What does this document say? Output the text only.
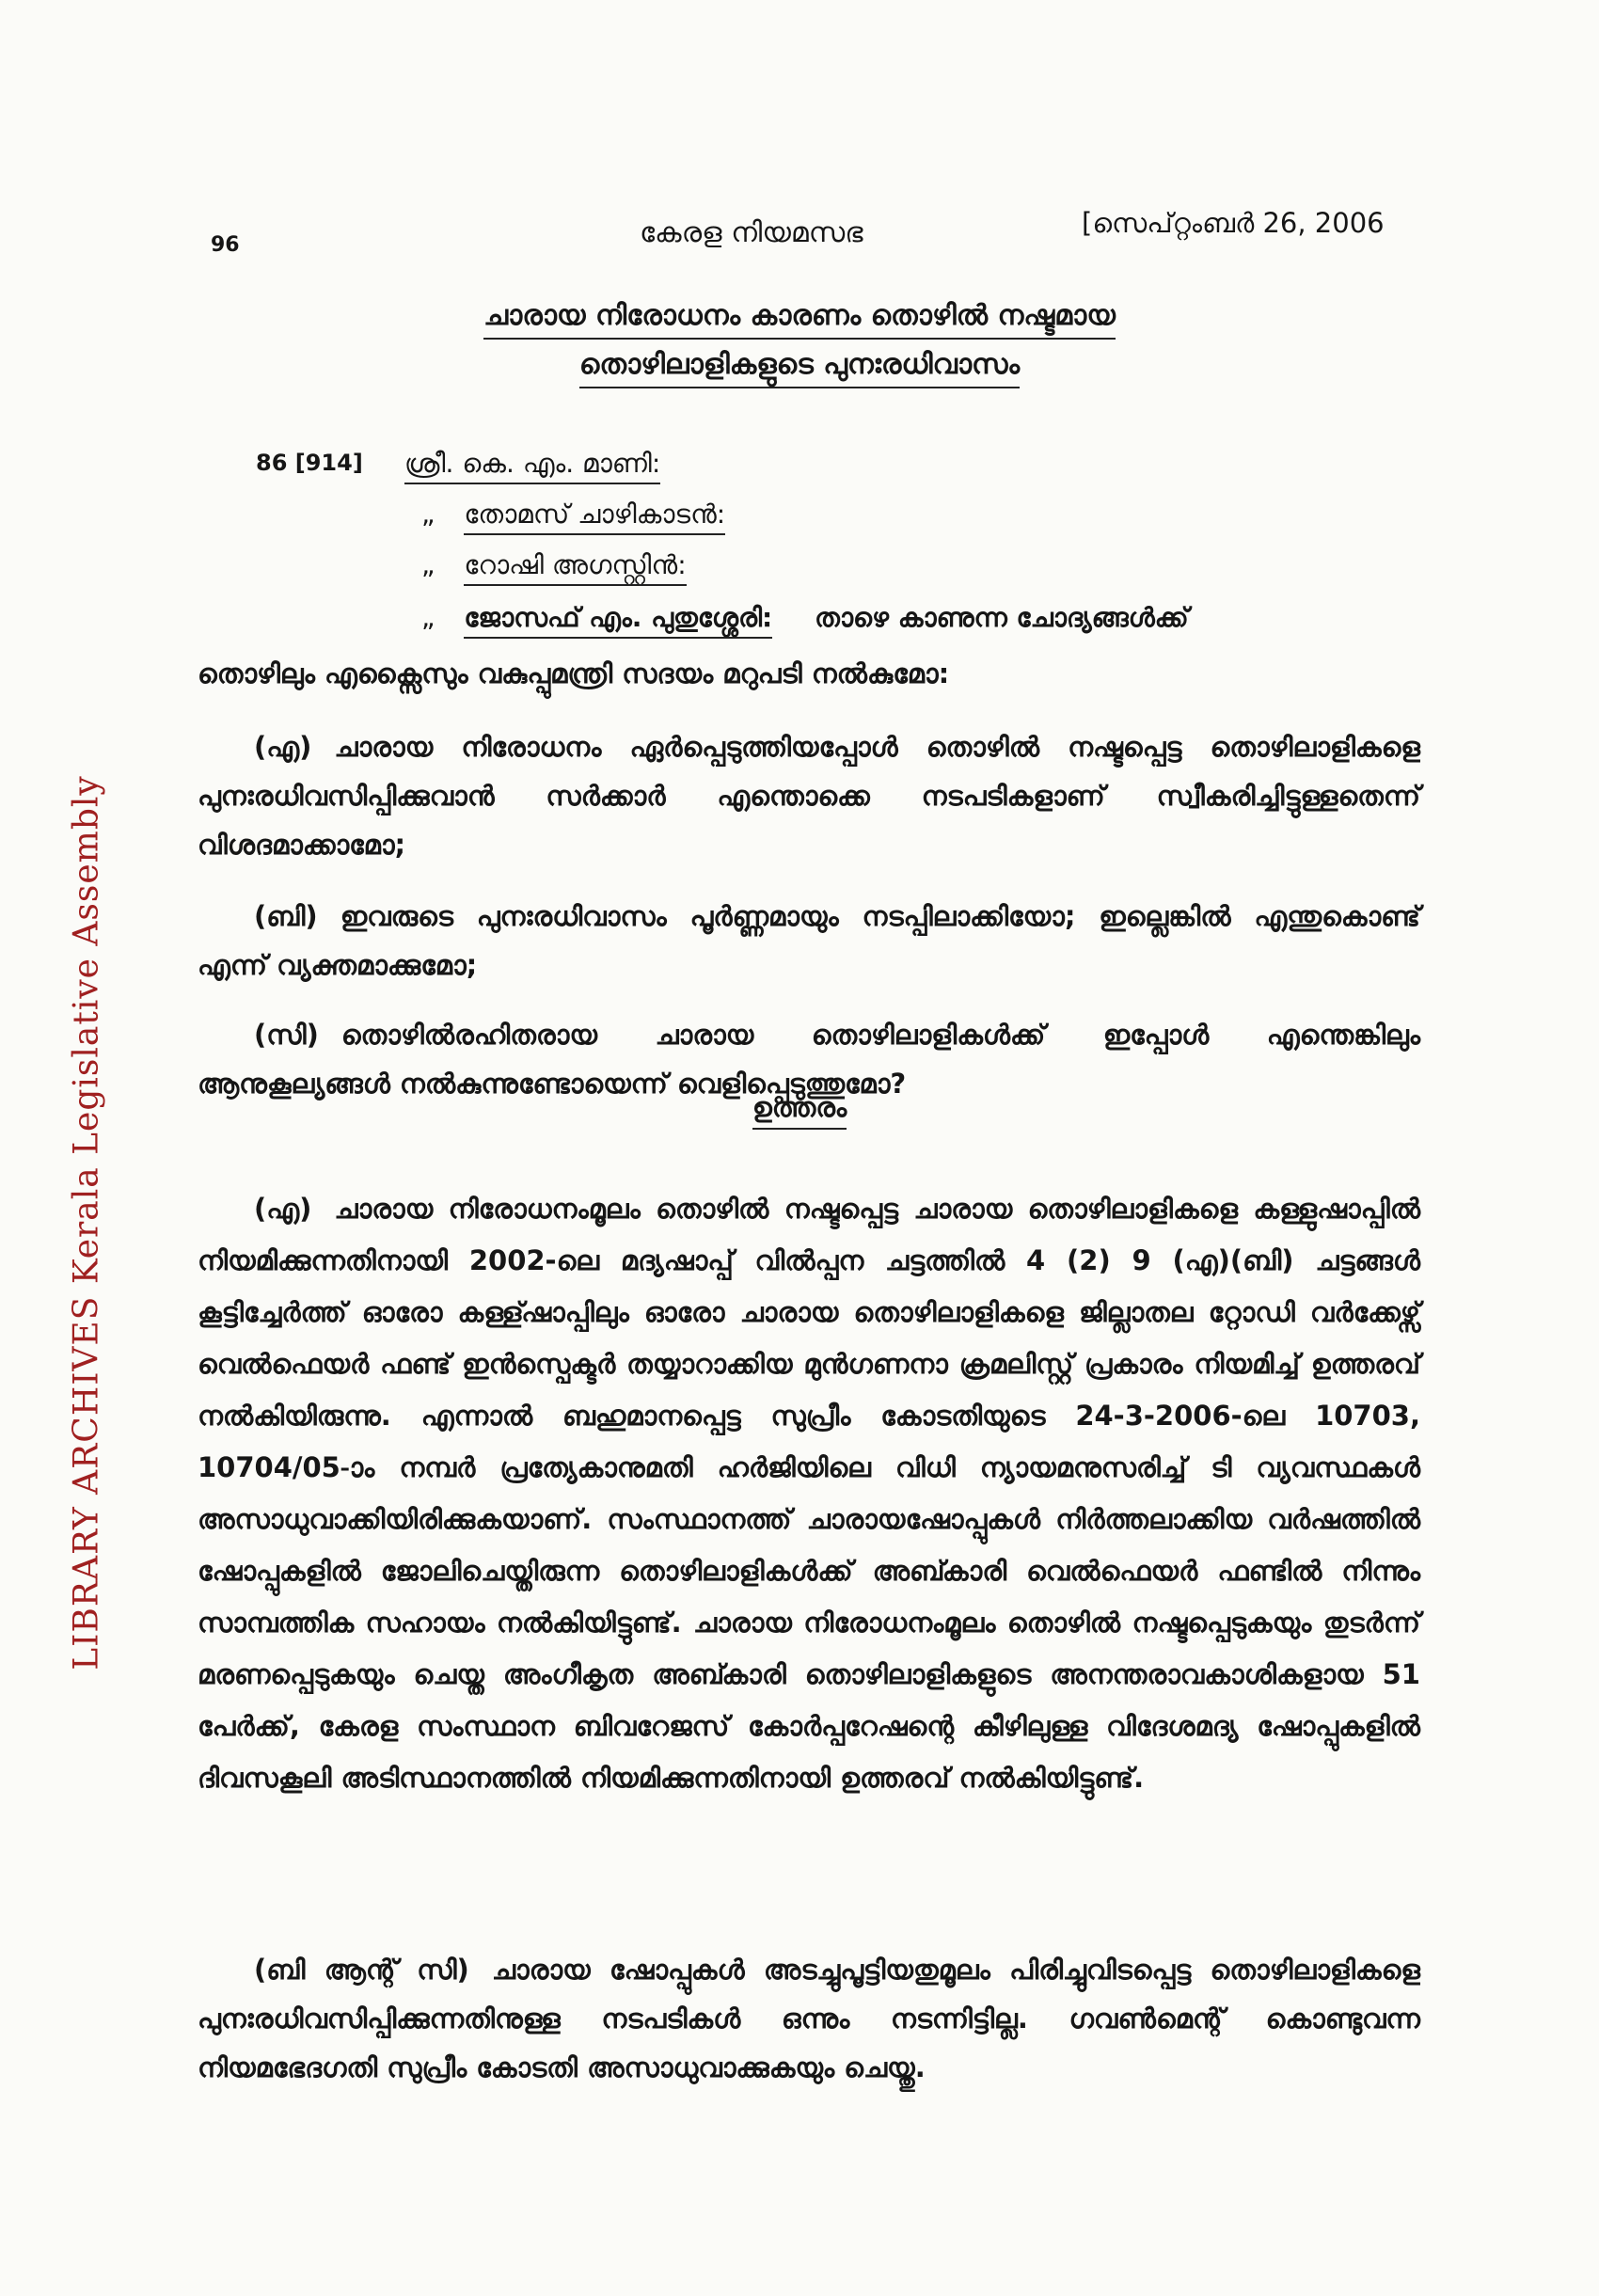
LIBRARY ARCHIVES Kerala Legislative Assembly
96	കേരള നിയമസഭ	[സെപ്റ്റംബർ 26, 2006
ചാരായ നിരോധനം കാരണം തൊഴിൽ നഷ്ടമായ
തൊഴിലാളികളുടെ പുനഃരധിവാസം
86 [914] ശ്രീ. കെ. എം. മാണി:
„ തോമസ് ചാഴികാടൻ:
„ റോഷി അഗസ്റ്റിൻ:
„ ജോസഫ് എം. പുതുശ്ശേരി: താഴെ കാണുന്ന ചോദ്യങ്ങൾക്ക്
തൊഴിലും എക്സൈസും വകുപ്പുമന്ത്രി സദയം മറുപടി നൽകുമോ:
(എ) ചാരായ നിരോധനം ഏർപ്പെടുത്തിയപ്പോൾ തൊഴിൽ നഷ്ടപ്പെട്ട തൊഴിലാളികളെ പുനഃരധിവസിപ്പിക്കുവാൻ സർക്കാർ എന്തൊക്കെ നടപടികളാണ് സ്വീകരിച്ചിട്ടുള്ളതെന്ന് വിശദമാക്കാമോ;
(ബി) ഇവരുടെ പുനഃരധിവാസം പൂർണ്ണമായും നടപ്പിലാക്കിയോ; ഇല്ലെങ്കിൽ എന്തുകൊണ്ട് എന്ന് വ്യക്തമാക്കുമോ;
(സി) തൊഴിൽരഹിതരായ ചാരായ തൊഴിലാളികൾക്ക് ഇപ്പോൾ എന്തെങ്കിലും ആനുകൂല്യങ്ങൾ നൽകുന്നുണ്ടോയെന്ന് വെളിപ്പെടുത്തുമോ?
ഉത്തരം
(എ) ചാരായ നിരോധനംമൂലം തൊഴിൽ നഷ്ടപ്പെട്ട ചാരായ തൊഴിലാളികളെ കള്ളുഷാപ്പിൽ നിയമിക്കുന്നതിനായി 2002-ലെ മദ്യഷാപ്പ് വിൽപ്പന ചട്ടത്തിൽ 4 (2) 9 (എ)(ബി) ചട്ടങ്ങൾ കൂട്ടിച്ചേർത്ത് ഓരോ കള്ള്ഷാപ്പിലും ഓരോ ചാരായ തൊഴിലാളികളെ ജില്ലാതല റ്റോഡി വർക്കേഴ്സ് വെൽഫെയർ ഫണ്ട് ഇൻസ്പെക്ടർ തയ്യാറാക്കിയ മുൻഗണനാ ക്രമലിസ്റ്റ് പ്രകാരം നിയമിച്ച് ഉത്തരവ് നൽകിയിരുന്നു. എന്നാൽ ബഹുമാനപ്പെട്ട സുപ്രീം കോടതിയുടെ 24-3-2006-ലെ 10703, 10704/05-ാം നമ്പർ പ്രത്യേകാനുമതി ഹർജിയിലെ വിധി ന്യായമനുസരിച്ച് ടി വ്യവസ്ഥകൾ അസാധുവാക്കിയിരിക്കുകയാണ്. സംസ്ഥാനത്ത് ചാരായഷോപ്പുകൾ നിർത്തലാക്കിയ വർഷത്തിൽ ഷോപ്പുകളിൽ ജോലിചെയ്തിരുന്ന തൊഴിലാളികൾക്ക് അബ്കാരി വെൽഫെയർ ഫണ്ടിൽ നിന്നും സാമ്പത്തിക സഹായം നൽകിയിട്ടുണ്ട്. ചാരായ നിരോധനംമൂലം തൊഴിൽ നഷ്ടപ്പെടുകയും തുടർന്ന് മരണപ്പെടുകയും ചെയ്ത അംഗീകൃത അബ്കാരി തൊഴിലാളികളുടെ അനന്തരാവകാശികളായ 51 പേർക്ക്, കേരള സംസ്ഥാന ബിവറേജസ് കോർപ്പറേഷന്റെ കീഴിലുള്ള വിദേശമദ്യ ഷോപ്പുകളിൽ ദിവസകൂലി അടിസ്ഥാനത്തിൽ നിയമിക്കുന്നതിനായി ഉത്തരവ് നൽകിയിട്ടുണ്ട്.
(ബി ആന്റ് സി) ചാരായ ഷോപ്പുകൾ അടച്ചുപൂട്ടിയതുമൂലം പിരിച്ചുവിടപ്പെട്ട തൊഴിലാളികളെ പുനഃരധിവസിപ്പിക്കുന്നതിനുള്ള നടപടികൾ ഒന്നും നടന്നിട്ടില്ല. ഗവൺമെന്റ് കൊണ്ടുവന്ന നിയമഭേദഗതി സുപ്രീം കോടതി അസാധുവാക്കുകയും ചെയ്തു.
